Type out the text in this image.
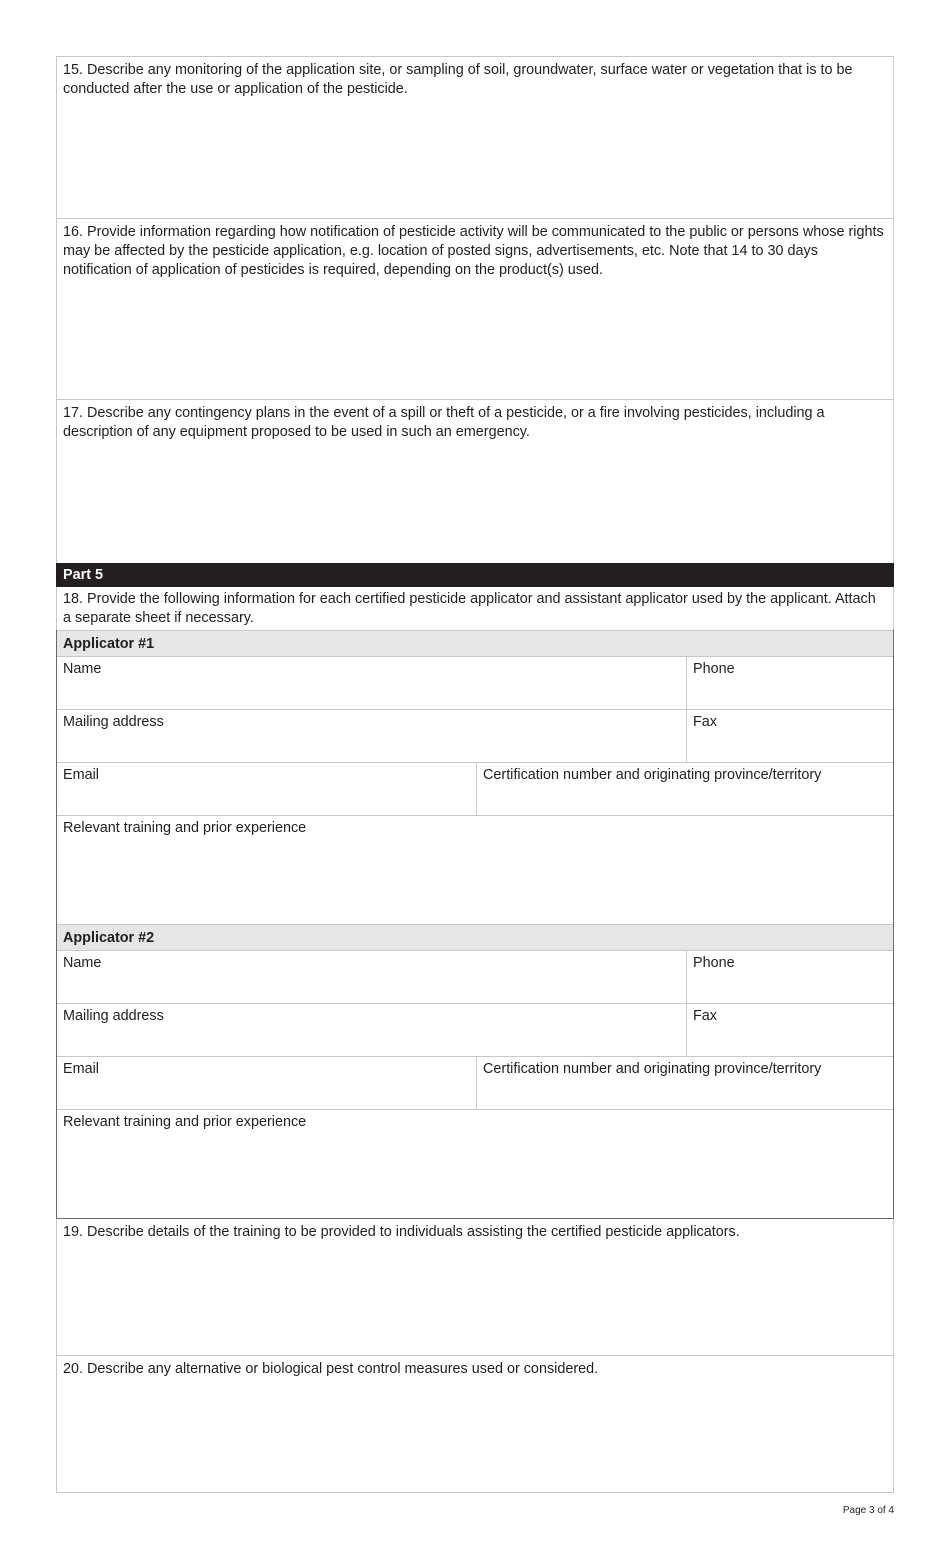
15. Describe any monitoring of the application site, or sampling of soil, groundwater, surface water or vegetation that is to be conducted after the use or application of the pesticide.
16. Provide information regarding how notification of pesticide activity will be communicated to the public or persons whose rights may be affected by the pesticide application, e.g. location of posted signs, advertisements, etc. Note that 14 to 30 days notification of application of pesticides is required, depending on the product(s) used.
17. Describe any contingency plans in the event of a spill or theft of a pesticide, or a fire involving pesticides, including a description of any equipment proposed to be used in such an emergency.
Part 5
18. Provide the following information for each certified pesticide applicator and assistant applicator used by the applicant. Attach a separate sheet if necessary.
Applicator #1
Name	Phone
Mailing address	Fax
Email	Certification number and originating province/territory
Relevant training and prior experience
Applicator #2
Name	Phone
Mailing address	Fax
Email	Certification number and originating province/territory
Relevant training and prior experience
19. Describe details of the training to be provided to individuals assisting the certified pesticide applicators.
20. Describe any alternative or biological pest control measures used or considered.
Page 3 of 4
